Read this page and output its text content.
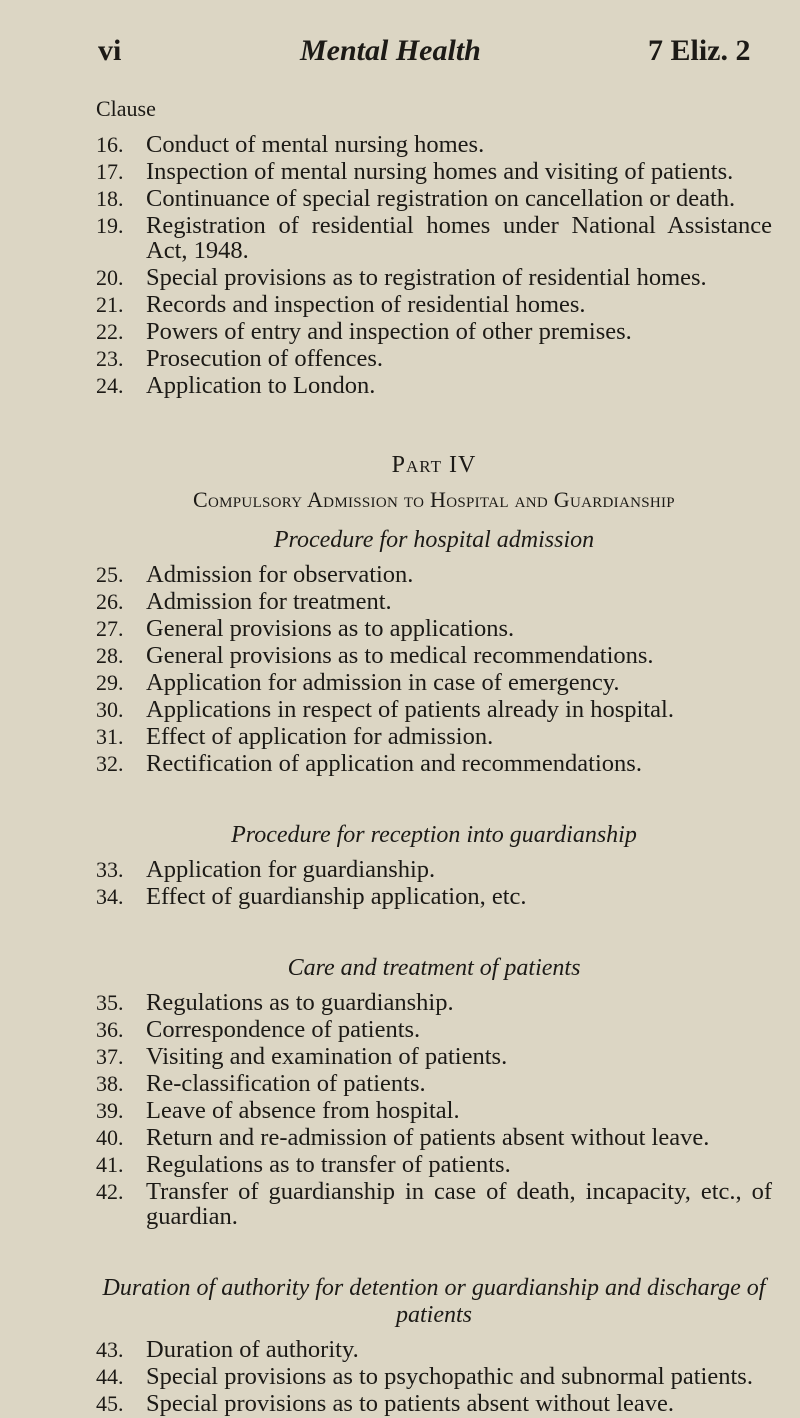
vi	Mental Health	7 Eliz. 2
Clause
16. Conduct of mental nursing homes.
17. Inspection of mental nursing homes and visiting of patients.
18. Continuance of special registration on cancellation or death.
19. Registration of residential homes under National Assistance Act, 1948.
20. Special provisions as to registration of residential homes.
21. Records and inspection of residential homes.
22. Powers of entry and inspection of other premises.
23. Prosecution of offences.
24. Application to London.
Part IV
Compulsory Admission to Hospital and Guardianship
Procedure for hospital admission
25. Admission for observation.
26. Admission for treatment.
27. General provisions as to applications.
28. General provisions as to medical recommendations.
29. Application for admission in case of emergency.
30. Applications in respect of patients already in hospital.
31. Effect of application for admission.
32. Rectification of application and recommendations.
Procedure for reception into guardianship
33. Application for guardianship.
34. Effect of guardianship application, etc.
Care and treatment of patients
35. Regulations as to guardianship.
36. Correspondence of patients.
37. Visiting and examination of patients.
38. Re-classification of patients.
39. Leave of absence from hospital.
40. Return and re-admission of patients absent without leave.
41. Regulations as to transfer of patients.
42. Transfer of guardianship in case of death, incapacity, etc., of guardian.
Duration of authority for detention or guardianship and discharge of patients
43. Duration of authority.
44. Special provisions as to psychopathic and subnormal patients.
45. Special provisions as to patients absent without leave.
